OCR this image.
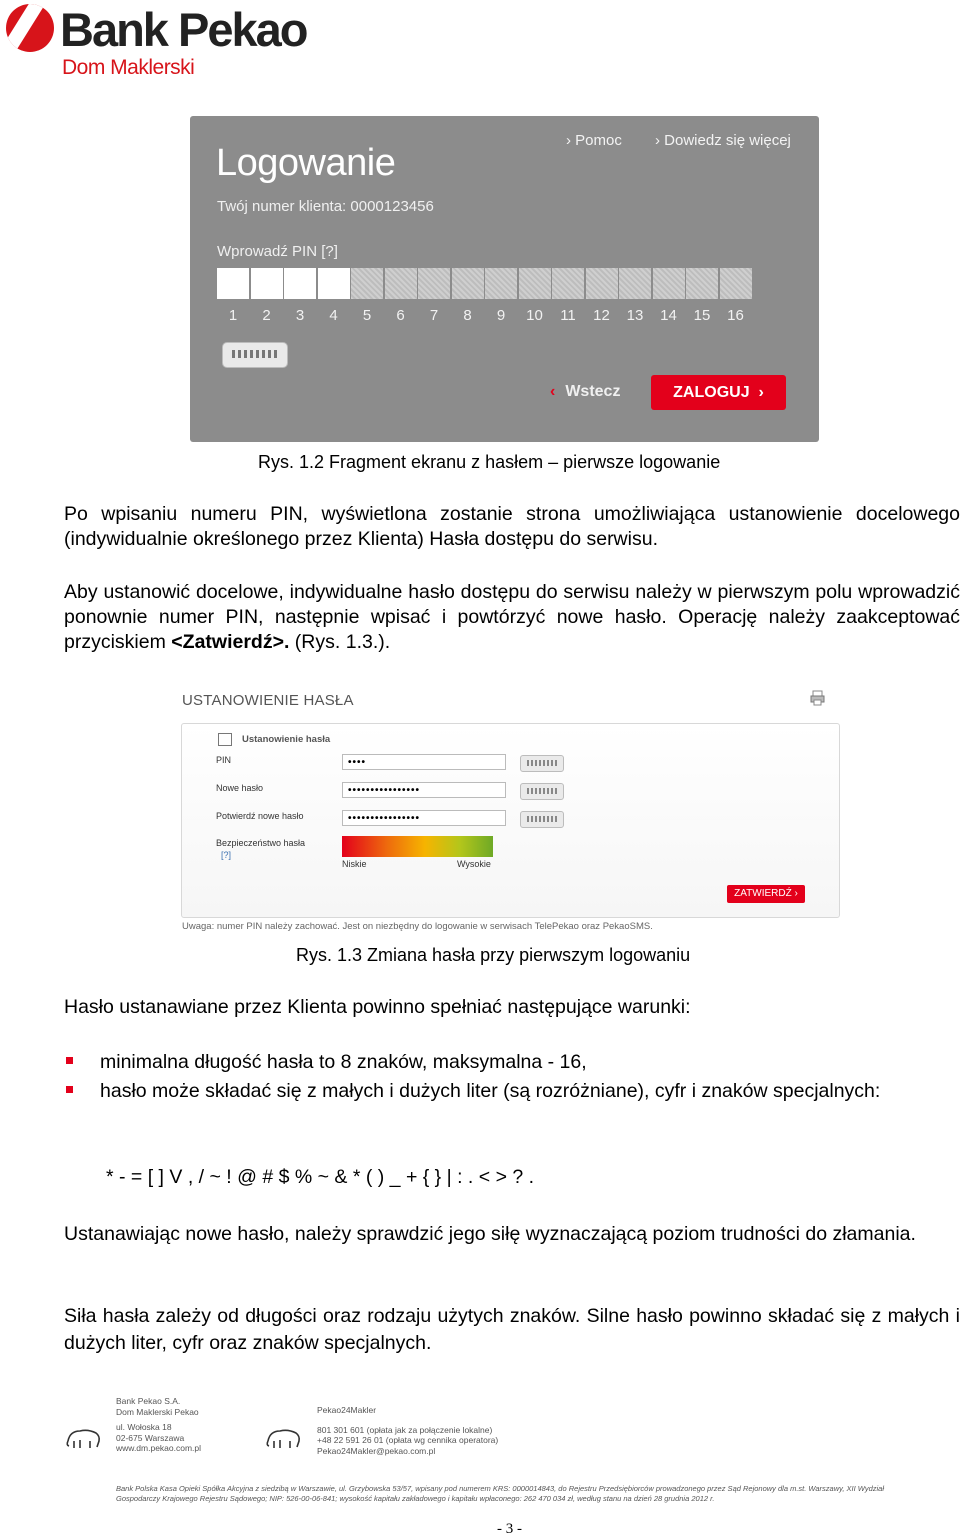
Bank Pekao
Dom Maklerski
› Pomoc › Dowiedz się więcej
Logowanie
Twój numer klienta: 0000123456
Wprowadź PIN [?]
1	2	3	4	5	6	7	8	9	10	11	12	13	14	15	16
‹ Wstecz	ZALOGUJ  ›
Rys. 1.2 Fragment ekranu z hasłem – pierwsze logowanie
Po wpisaniu numeru PIN, wyświetlona zostanie strona umożliwiająca ustanowienie docelowego (indywidualnie określonego przez Klienta) Hasła dostępu do serwisu.
Aby ustanowić docelowe, indywidualne hasło dostępu do serwisu należy w pierwszym polu wprowadzić ponownie numer PIN, następnie wpisać i powtórzyć nowe hasło. Operację należy zaakceptować przyciskiem <Zatwierdź>. (Rys. 1.3.).
USTANOWIENIE HASŁA
Ustanowienie hasła
PIN	••••
Nowe hasło	••••••••••••••••
Potwierdź nowe hasło	••••••••••••••••
Bezpieczeństwo hasła
[?]
Niskie	Wysokie
ZATWIERDŹ ›
Uwaga: numer PIN należy zachować. Jest on niezbędny do logowanie w serwisach TelePekao oraz PekaoSMS.
Rys. 1.3 Zmiana hasła przy pierwszym logowaniu
Hasło ustanawiane przez Klienta powinno spełniać następujące warunki:
minimalna długość hasła to 8 znaków, maksymalna - 16,
hasło może składać się z małych i dużych liter (są rozróżniane), cyfr i znaków specjalnych:
* - = [ ] V , / ~ ! @ # $ % ~ & * ( ) _ + { } | : . < > ? .
Ustanawiając nowe hasło, należy sprawdzić jego siłę wyznaczającą poziom trudności do złamania.
Siła hasła zależy od długości oraz rodzaju użytych znaków. Silne hasło powinno składać się z małych i dużych liter, cyfr oraz znaków specjalnych.
Bank Pekao S.A.
Dom Maklerski Pekao
ul. Wołoska 18
02-675 Warszawa
www.dm.pekao.com.pl
Pekao24Makler
801 301 601 (opłata jak za połączenie lokalne)
+48 22 591 26 01 (opłata wg cennika operatora)
Pekao24Makler@pekao.com.pl
Bank Polska Kasa Opieki Spółka Akcyjna z siedzibą w Warszawie, ul. Grzybowska 53/57, wpisany pod numerem KRS: 0000014843, do Rejestru Przedsiębiorców prowadzonego przez Sąd Rejonowy dla m.st. Warszawy, XII Wydział Gospodarczy Krajowego Rejestru Sądowego; NIP: 526-00-06-841; wysokość kapitału zakładowego i kapitału wpłaconego: 262 470 034 zł, według stanu na dzień 28 grudnia 2012 r.
- 3 -
